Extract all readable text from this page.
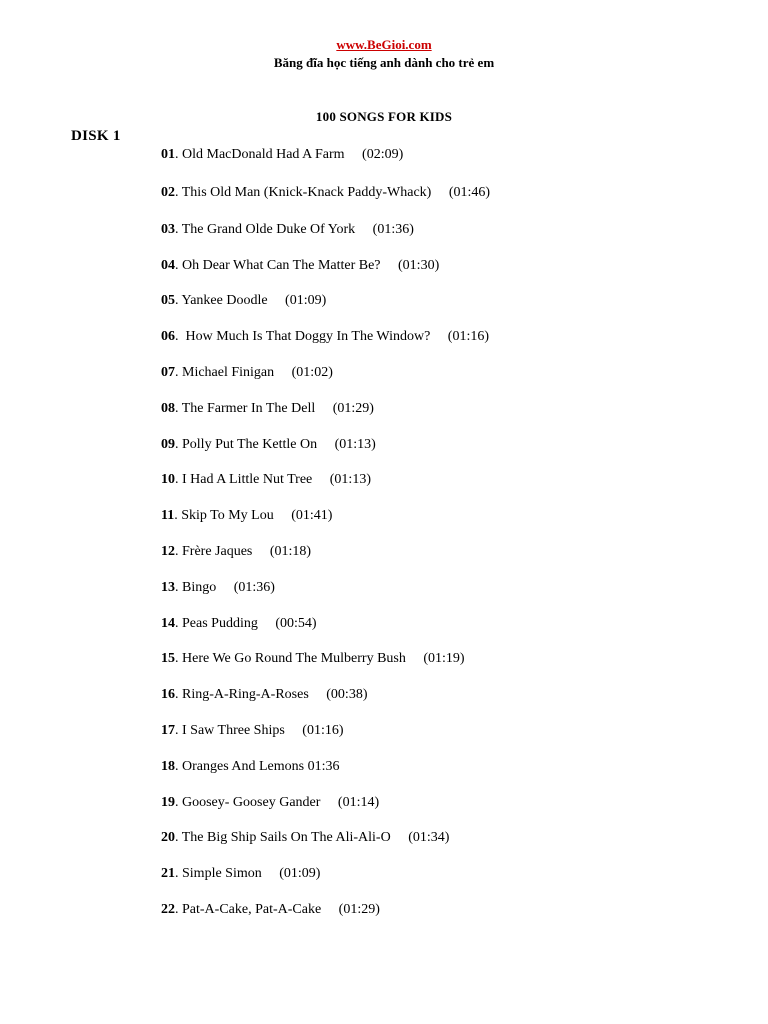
www.BeGioi.com
Băng đĩa học tiếng anh dành cho trẻ em
100 SONGS FOR KIDS
DISK 1
01. Old MacDonald Had A Farm     (02:09)
02. This Old Man (Knick-Knack Paddy-Whack)     (01:46)
03. The Grand Olde Duke Of York     (01:36)
04. Oh Dear What Can The Matter Be?     (01:30)
05. Yankee Doodle     (01:09)
06.  How Much Is That Doggy In The Window?     (01:16)
07. Michael Finigan     (01:02)
08. The Farmer In The Dell     (01:29)
09. Polly Put The Kettle On     (01:13)
10. I Had A Little Nut Tree     (01:13)
11. Skip To My Lou     (01:41)
12. Frère Jaques     (01:18)
13. Bingo     (01:36)
14. Peas Pudding     (00:54)
15. Here We Go Round The Mulberry Bush     (01:19)
16. Ring-A-Ring-A-Roses     (00:38)
17. I Saw Three Ships     (01:16)
18. Oranges And Lemons 01:36
19. Goosey- Goosey Gander     (01:14)
20. The Big Ship Sails On The Ali-Ali-O     (01:34)
21. Simple Simon     (01:09)
22. Pat-A-Cake, Pat-A-Cake     (01:29)
